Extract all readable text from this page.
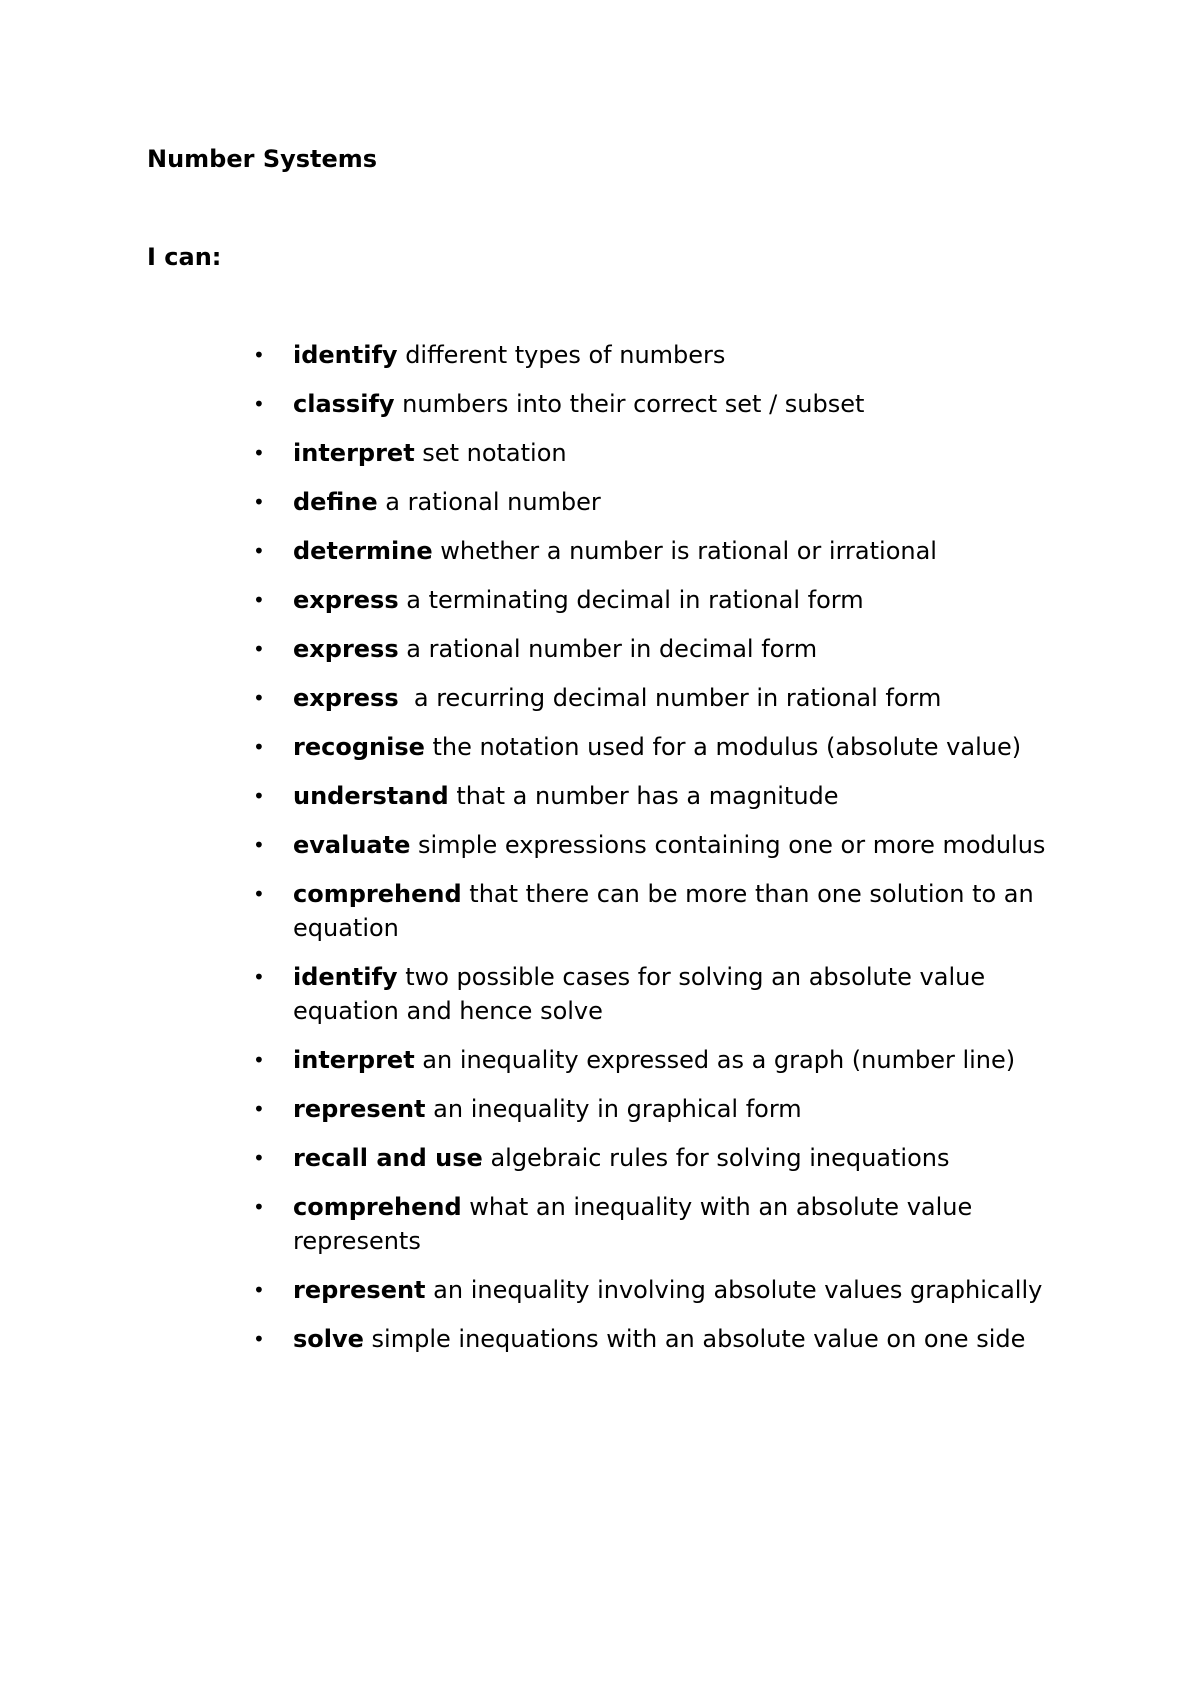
Number Systems

I can:

•	identify different types of numbers
•	classify numbers into their correct set / subset
•	interpret set notation
•	define a rational number
•	determine whether a number is rational or irrational
•	express a terminating decimal in rational form
•	express a rational number in decimal form
•	express  a recurring decimal number in rational form
•	recognise the notation used for a modulus (absolute value)
•	understand that a number has a magnitude
•	evaluate simple expressions containing one or more modulus
•	comprehend that there can be more than one solution to an equation
•	identify two possible cases for solving an absolute value equation and hence solve
•	interpret an inequality expressed as a graph (number line)
•	represent an inequality in graphical form
•	recall and use algebraic rules for solving inequations
•	comprehend what an inequality with an absolute value represents
•	represent an inequality involving absolute values graphically
•	solve simple inequations with an absolute value on one side
